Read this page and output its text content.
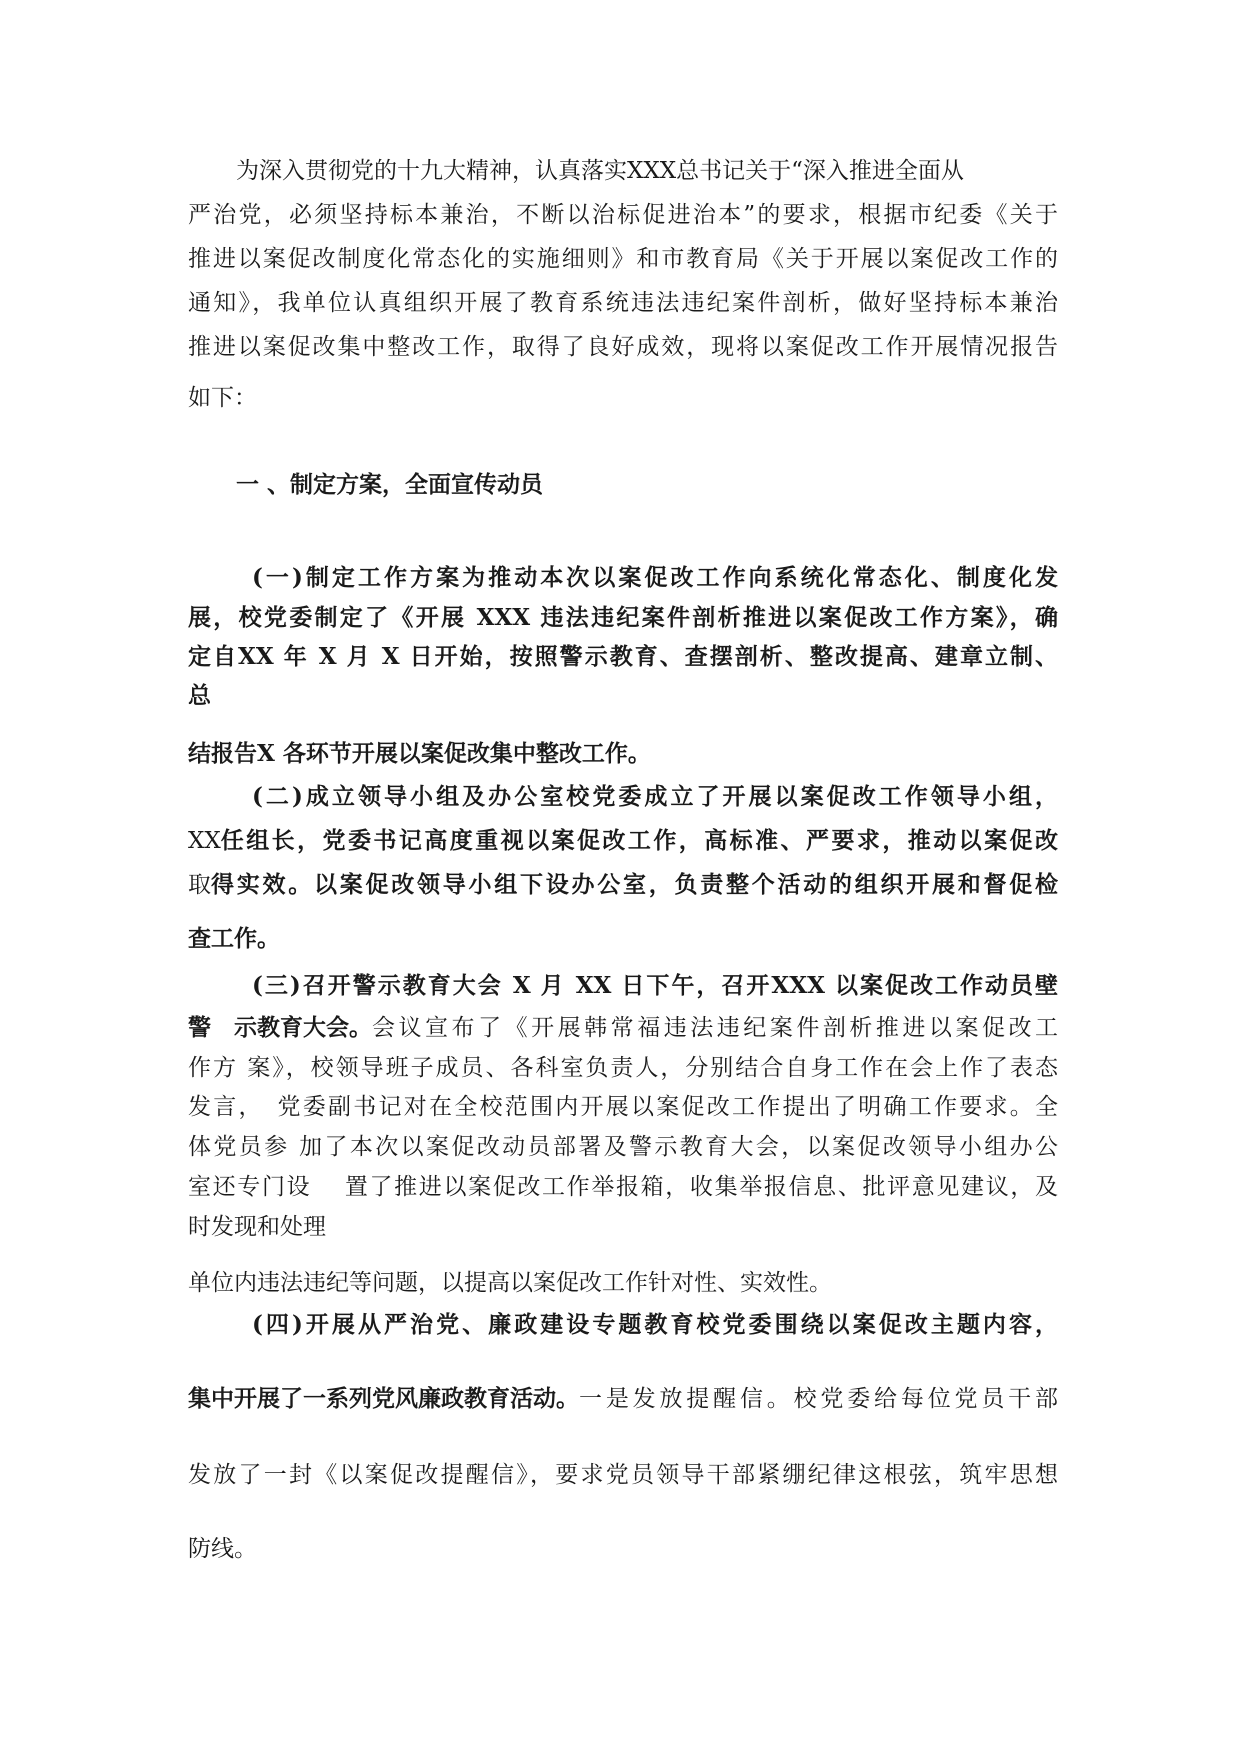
为深入贯彻党的十九大精神，认真落实XXX总书记关于“深入推进全面从
严治党，必须坚持标本兼治，不断以治标促进治本”的要求，根据市纪委《关于
推进以案促改制度化常态化的实施细则》和市教育局《关于开展以案促改工作的
通知》，我单位认真组织开展了教育系统违法违纪案件剖析，做好坚持标本兼治
推进以案促改集中整改工作，取得了良好成效，现将以案促改工作开展情况报告
如下：
一 、制定方案，全面宣传动员
(一)制定工作方案为推动本次以案促改工作向系统化常态化、制度化发
展，校党委制定了《开展 XXX 违法违纪案件剖析推进以案促改工作方案》，确
定自XX 年 X 月 X 日开始，按照警示教育、查摆剖析、整改提高、建章立制、
总
结报告X 各环节开展以案促改集中整改工作。
(二)成立领导小组及办公室校党委成立了开展以案促改工作领导小组，
XX 任组长，党委书记高度重视以案促改工作，高标准、严要求，推动以案促改
取 得实效。以案促改领导小组下设办公室，负责整个活动的组织开展和督促检
查工作。
(三)召开警示教育大会 X 月 XX 日下午，召开XXX 以案促改工作动员壁
警　示教育大会。 会议宣布了《开展韩常福违法违纪案件剖析推进以案促改工
作方 案》，校领导班子成员、各科室负责人，分别结合自身工作在会上作了表态
发言，　党委副书记对在全校范围内开展以案促改工作提出了明确工作要求。全
体党员参 加了本次以案促改动员部署及警示教育大会，以案促改领导小组办公
室还专门设　 置了推进以案促改工作举报箱，收集举报信息、批评意见建议，及
时发现和处理
单位内违法违纪等问题，以提高以案促改工作针对性、实效性。
(四)开展从严治党、廉政建设专题教育校党委围绕以案促改主题内容，
集中开展了一系列党风廉政教育活动。 一是发放提醒信。校党委给每位党员干部
发放了一封《以案促改提醒信》，要求党员领导干部紧绷纪律这根弦，筑牢思想
防线。
